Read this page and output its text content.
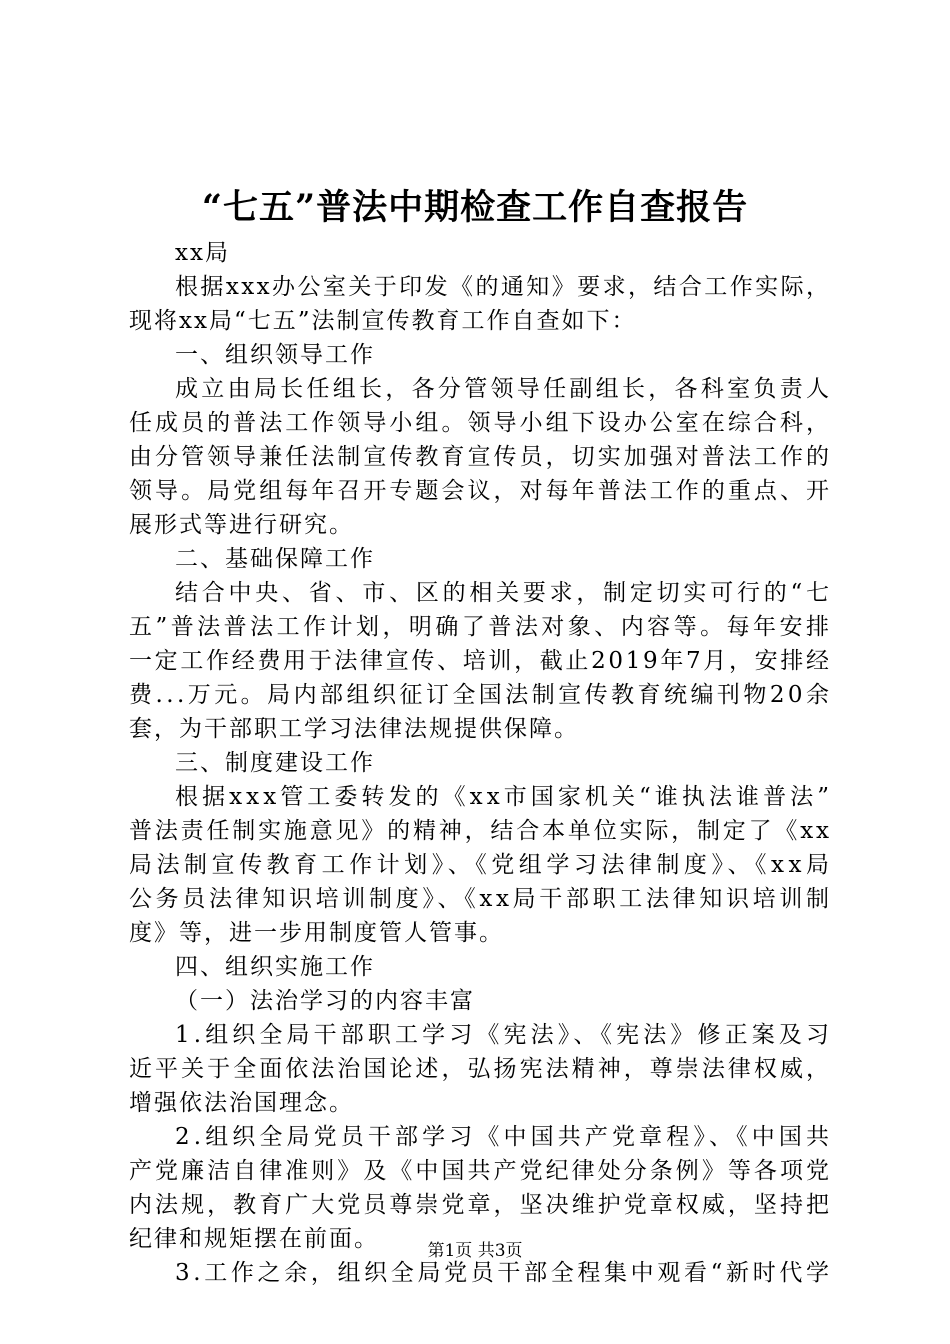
“七五”普法中期检查工作自查报告
xx局
根据xxx办公室关于印发《的通知》要求，结合工作实际，
现将xx局“七五”法制宣传教育工作自查如下：
一、组织领导工作
成立由局长任组长，各分管领导任副组长，各科室负责人
任成员的普法工作领导小组。领导小组下设办公室在综合科，
由分管领导兼任法制宣传教育宣传员，切实加强对普法工作的
领导。局党组每年召开专题会议，对每年普法工作的重点、开
展形式等进行研究。
二、基础保障工作
结合中央、省、市、区的相关要求，制定切实可行的“七
五”普法普法工作计划，明确了普法对象、内容等。每年安排
一定工作经费用于法律宣传、培训，截止2019年7月，安排经
费...万元。局内部组织征订全国法制宣传教育统编刊物20余
套，为干部职工学习法律法规提供保障。
三、制度建设工作
根据xxx管工委转发的《xx市国家机关“谁执法谁普法”
普法责任制实施意见》的精神，结合本单位实际，制定了《xx
局法制宣传教育工作计划》、《党组学习法律制度》、《xx局
公务员法律知识培训制度》、《xx局干部职工法律知识培训制
度》等，进一步用制度管人管事。
四、组织实施工作
（一）法治学习的内容丰富
1.组织全局干部职工学习《宪法》、《宪法》修正案及习
近平关于全面依法治国论述，弘扬宪法精神，尊崇法律权威，
增强依法治国理念。
2.组织全局党员干部学习《中国共产党章程》、《中国共
产党廉洁自律准则》及《中国共产党纪律处分条例》等各项党
内法规，教育广大党员尊崇党章，坚决维护党章权威，坚持把
纪律和规矩摆在前面。
3.工作之余，组织全局党员干部全程集中观看“新时代学
第1页 共3页
